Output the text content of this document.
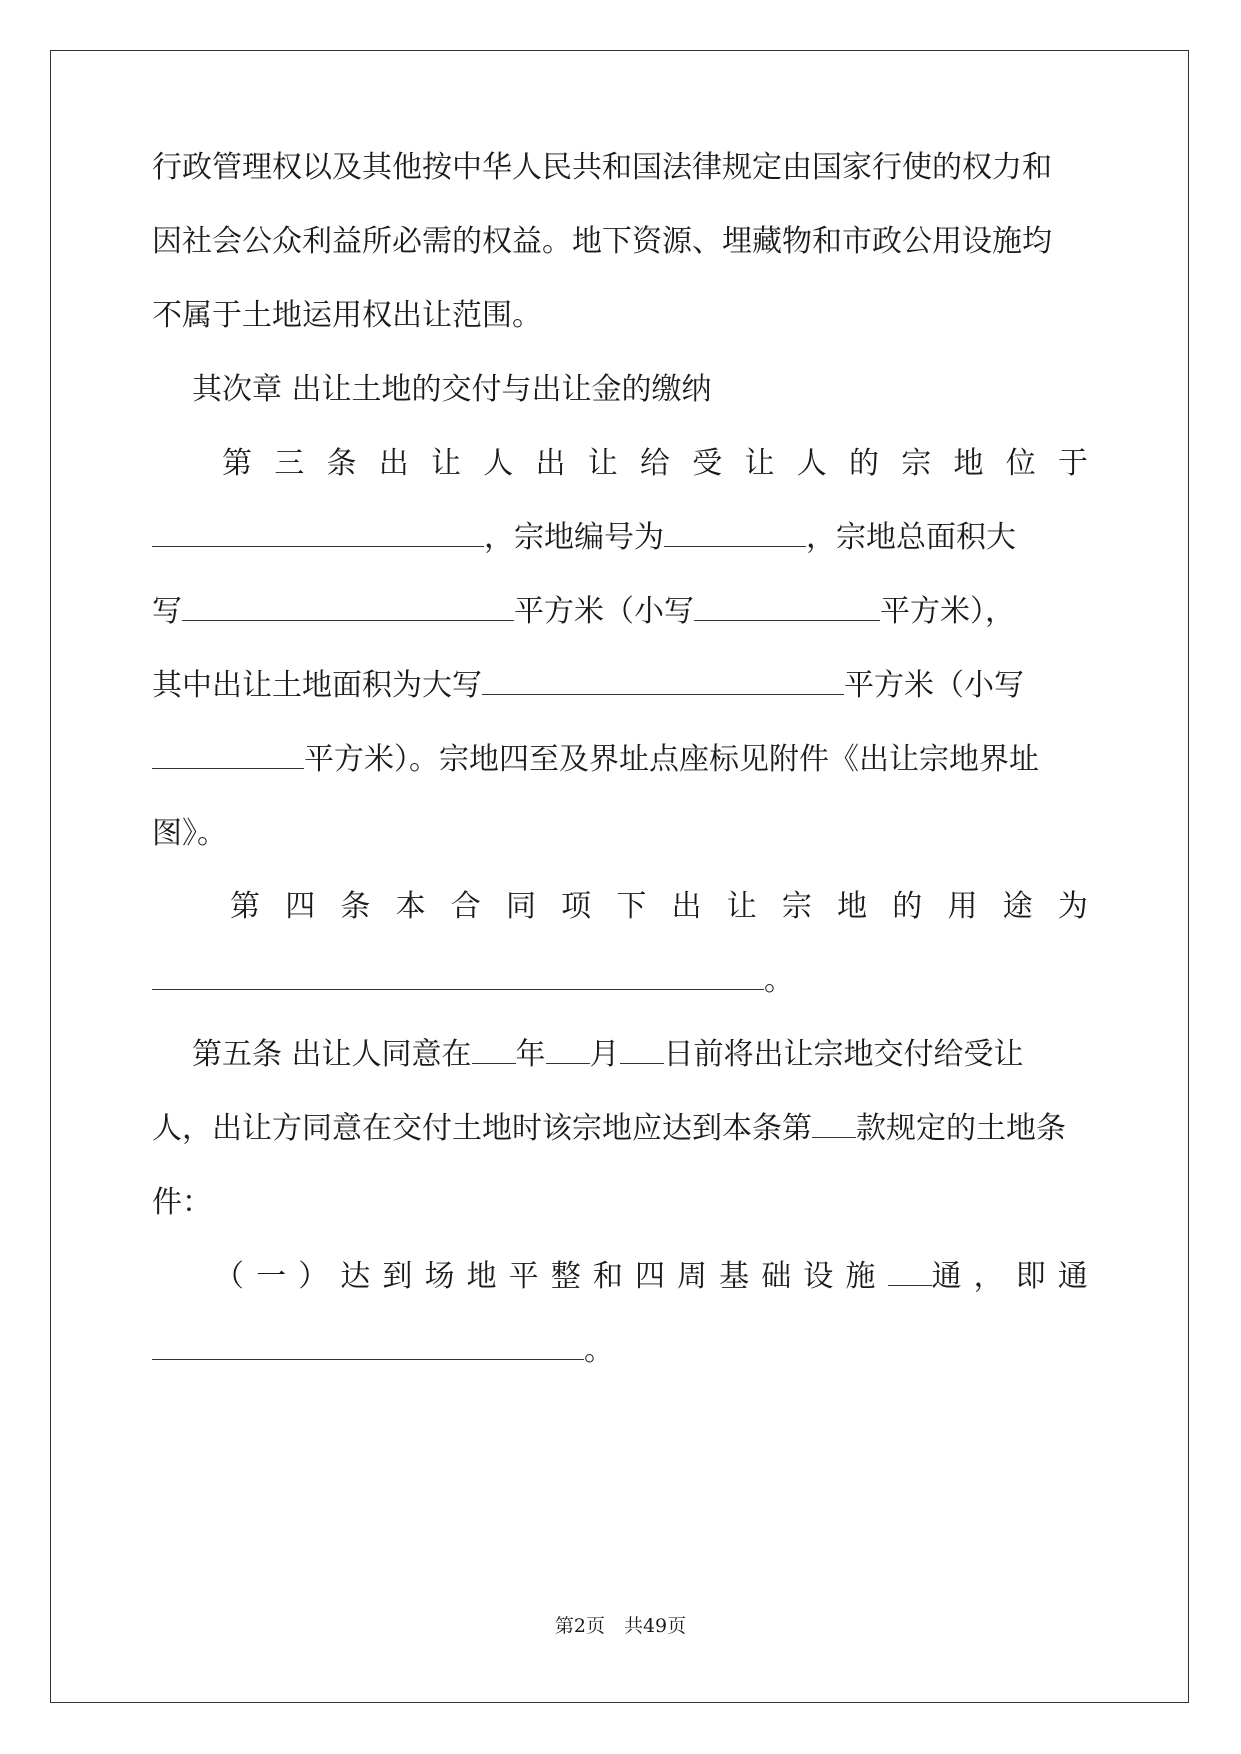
行政管理权以及其他按中华人民共和国法律规定由国家行使的权力和

因社会公众利益所必需的权益。地下资源、埋藏物和市政公用设施均

不属于土地运用权出让范围。

其次章 出让土地的交付与出让金的缴纳

第 三 条 出 让 人 出 让 给 受 让 人 的 宗 地 位 于

，宗地编号为	，宗地总面积大

写	平方米（小写	平方米），

其中出让土地面积为大写	平方米（小写

平方米）。宗地四至及界址点座标见附件《出让宗地界址

图》。

第 四 条 本 合 同 项 下 出 让 宗 地 的 用 途 为

。

第五条 出让人同意在 年 月 日前将出让宗地交付给受让

人，出让方同意在交付土地时该宗地应达到本条第 款规定的土地条

件：

（ 一 ） 达 到 场 地 平 整 和 四 周 基 础 设 施	通 ， 即 通

。

第2页　共49页
